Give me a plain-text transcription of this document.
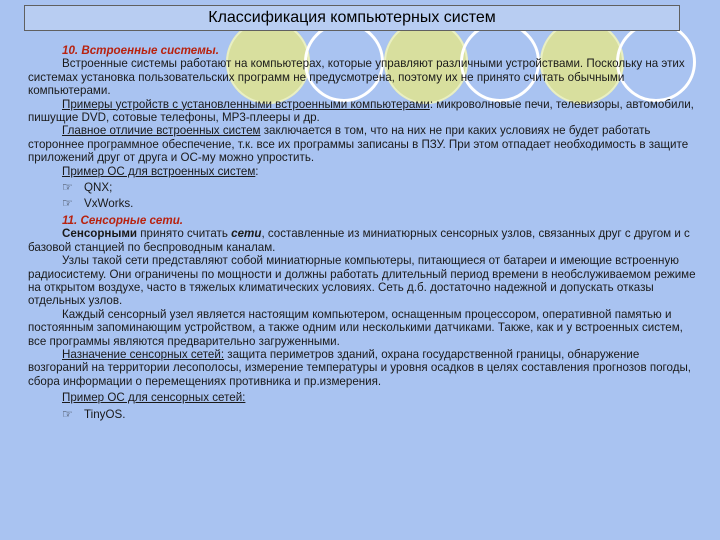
Классификация компьютерных систем

10. Встроенные системы.

Встроенные системы работают на компьютерах, которые управляют различными устройствами. Поскольку на этих системах установка пользовательских программ не предусмотрена, поэтому их не принято считать обычными компьютерами.

Примеры устройств с установленными встроенными компьютерами: микроволновые печи, телевизоры, автомобили, пишущие DVD, сотовые телефоны, MP3-плееры и др.

Главное отличие встроенных систем заключается в том, что на них не при каких условиях не будет работать стороннее программное обеспечение, т.к. все их программы записаны в ПЗУ. При этом отпадает необходимость в защите приложений друг от друга и ОС-му можно упростить.

Пример ОС для встроенных систем:

☞ QNX;

☞ VxWorks.

11. Сенсорные сети.

Сенсорными принято считать сети, составленные из миниатюрных сенсорных узлов, связанных друг с другом и с базовой станцией по беспроводным каналам.

Узлы такой сети представляют собой миниатюрные компьютеры, питающиеся от батареи и имеющие встроенную радиосистему. Они ограничены по мощности и должны работать длительный период времени в необслуживаемом режиме на открытом воздухе, часто в тяжелых климатических условиях. Сеть д.б. достаточно надежной и допускать отказы отдельных узлов.

Каждый сенсорный узел является настоящим компьютером, оснащенным процессором, оперативной памятью и постоянным запоминающим устройством, а также одним или несколькими датчиками. Также, как и у встроенных систем, все программы являются предварительно загруженными.

Назначение сенсорных сетей: защита периметров зданий, охрана государственной границы, обнаружение возгораний на территории лесополосы, измерение температуры и уровня осадков в целях составления прогнозов погоды, сбора информации о перемещениях противника и пр.измерения.

Пример ОС для сенсорных сетей:

☞ TinyOS.
